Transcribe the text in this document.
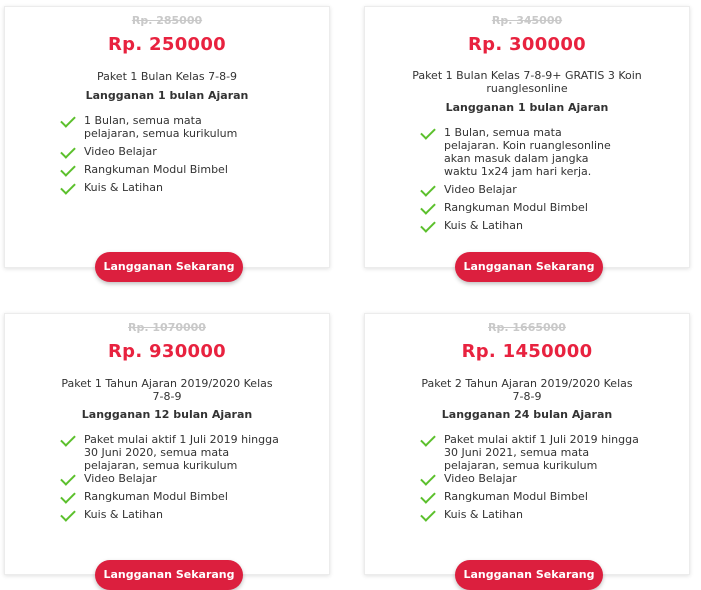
Rp. 285000
Rp. 250000
Paket 1 Bulan Kelas 7-8-9
Langganan 1 bulan Ajaran
1 Bulan, semua mata pelajaran, semua kurikulum
Video Belajar
Rangkuman Modul Bimbel
Kuis & Latihan
Langganan Sekarang
Rp. 345000
Rp. 300000
Paket 1 Bulan Kelas 7-8-9+ GRATIS 3 Koin ruanglesonline
Langganan 1 bulan Ajaran
1 Bulan, semua mata pelajaran. Koin ruanglesonline akan masuk dalam jangka waktu 1x24 jam hari kerja.
Video Belajar
Rangkuman Modul Bimbel
Kuis & Latihan
Langganan Sekarang
Rp. 1070000
Rp. 930000
Paket 1 Tahun Ajaran 2019/2020 Kelas 7-8-9
Langganan 12 bulan Ajaran
Paket mulai aktif 1 Juli 2019 hingga 30 Juni 2020, semua mata pelajaran, semua kurikulum
Video Belajar
Rangkuman Modul Bimbel
Kuis & Latihan
Langganan Sekarang
Rp. 1665000
Rp. 1450000
Paket 2 Tahun Ajaran 2019/2020 Kelas 7-8-9
Langganan 24 bulan Ajaran
Paket mulai aktif 1 Juli 2019 hingga 30 Juni 2021, semua mata pelajaran, semua kurikulum
Video Belajar
Rangkuman Modul Bimbel
Kuis & Latihan
Langganan Sekarang
